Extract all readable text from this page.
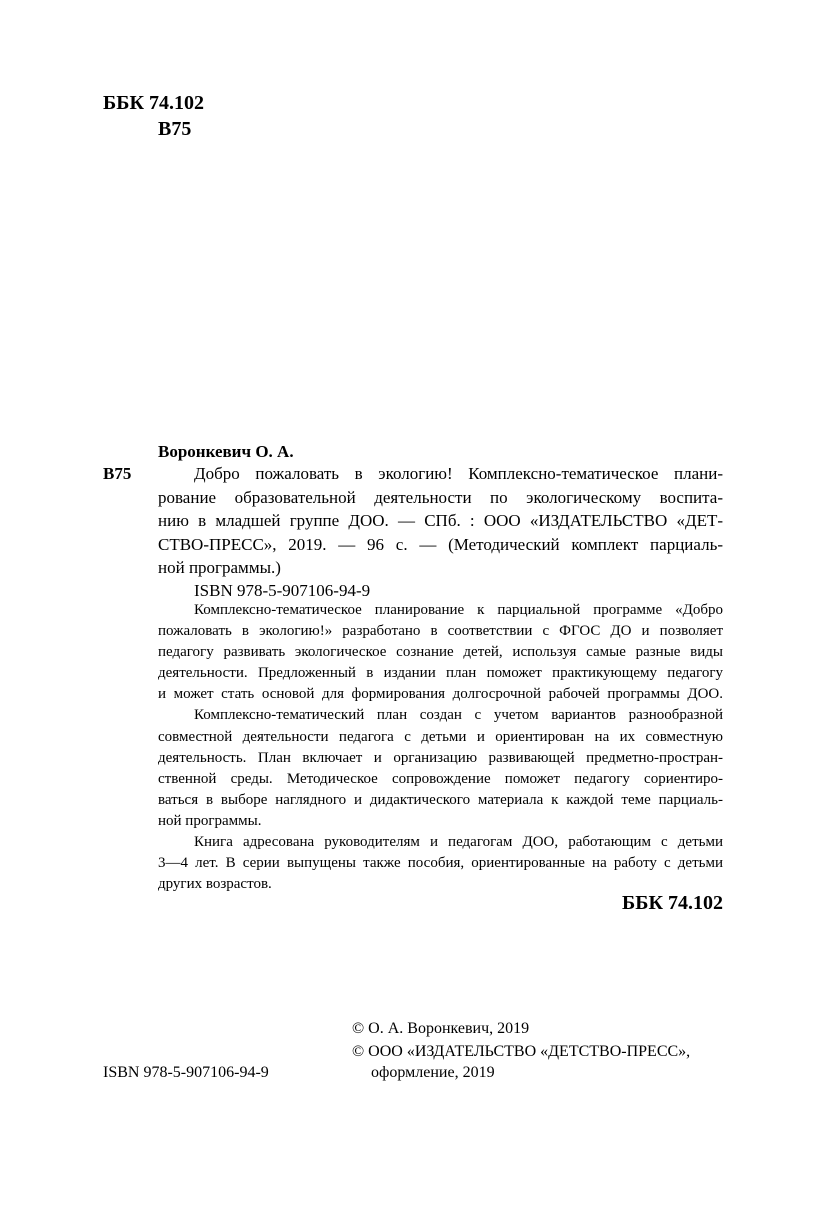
ББК 74.102
В75
Воронкевич О. А.
В75	Добро пожаловать в экологию! Комплексно-тематическое плани-
рование образовательной деятельности по экологическому воспита-
нию в младшей группе ДОО. — СПб. : ООО «ИЗДАТЕЛЬСТВО «ДЕТ-
СТВО-ПРЕСС», 2019. — 96 с. — (Методический комплект парциаль-
ной программы.)
ISBN 978-5-907106-94-9
Комплексно-тематическое планирование к парциальной программе «Добро
пожаловать в экологию!» разработано в соответствии с ФГОС ДО и позволяет
педагогу развивать экологическое сознание детей, используя самые разные виды
деятельности. Предложенный в издании план поможет практикующему педагогу
и может стать основой для формирования долгосрочной рабочей программы ДОО.
Комплексно-тематический план создан с учетом вариантов разнообразной
совместной деятельности педагога с детьми и ориентирован на их совместную
деятельность. План включает и организацию развивающей предметно-простран-
ственной среды. Методическое сопровождение поможет педагогу сориентиро-
ваться в выборе наглядного и дидактического материала к каждой теме парциаль-
ной программы.
Книга адресована руководителям и педагогам ДОО, работающим с детьми
3—4 лет. В серии выпущены также пособия, ориентированные на работу с детьми
других возрастов.
ББК 74.102
© О. А. Воронкевич, 2019
© ООО «ИЗДАТЕЛЬСТВО «ДЕТСТВО-ПРЕСС»,
оформление, 2019
ISBN 978-5-907106-94-9
